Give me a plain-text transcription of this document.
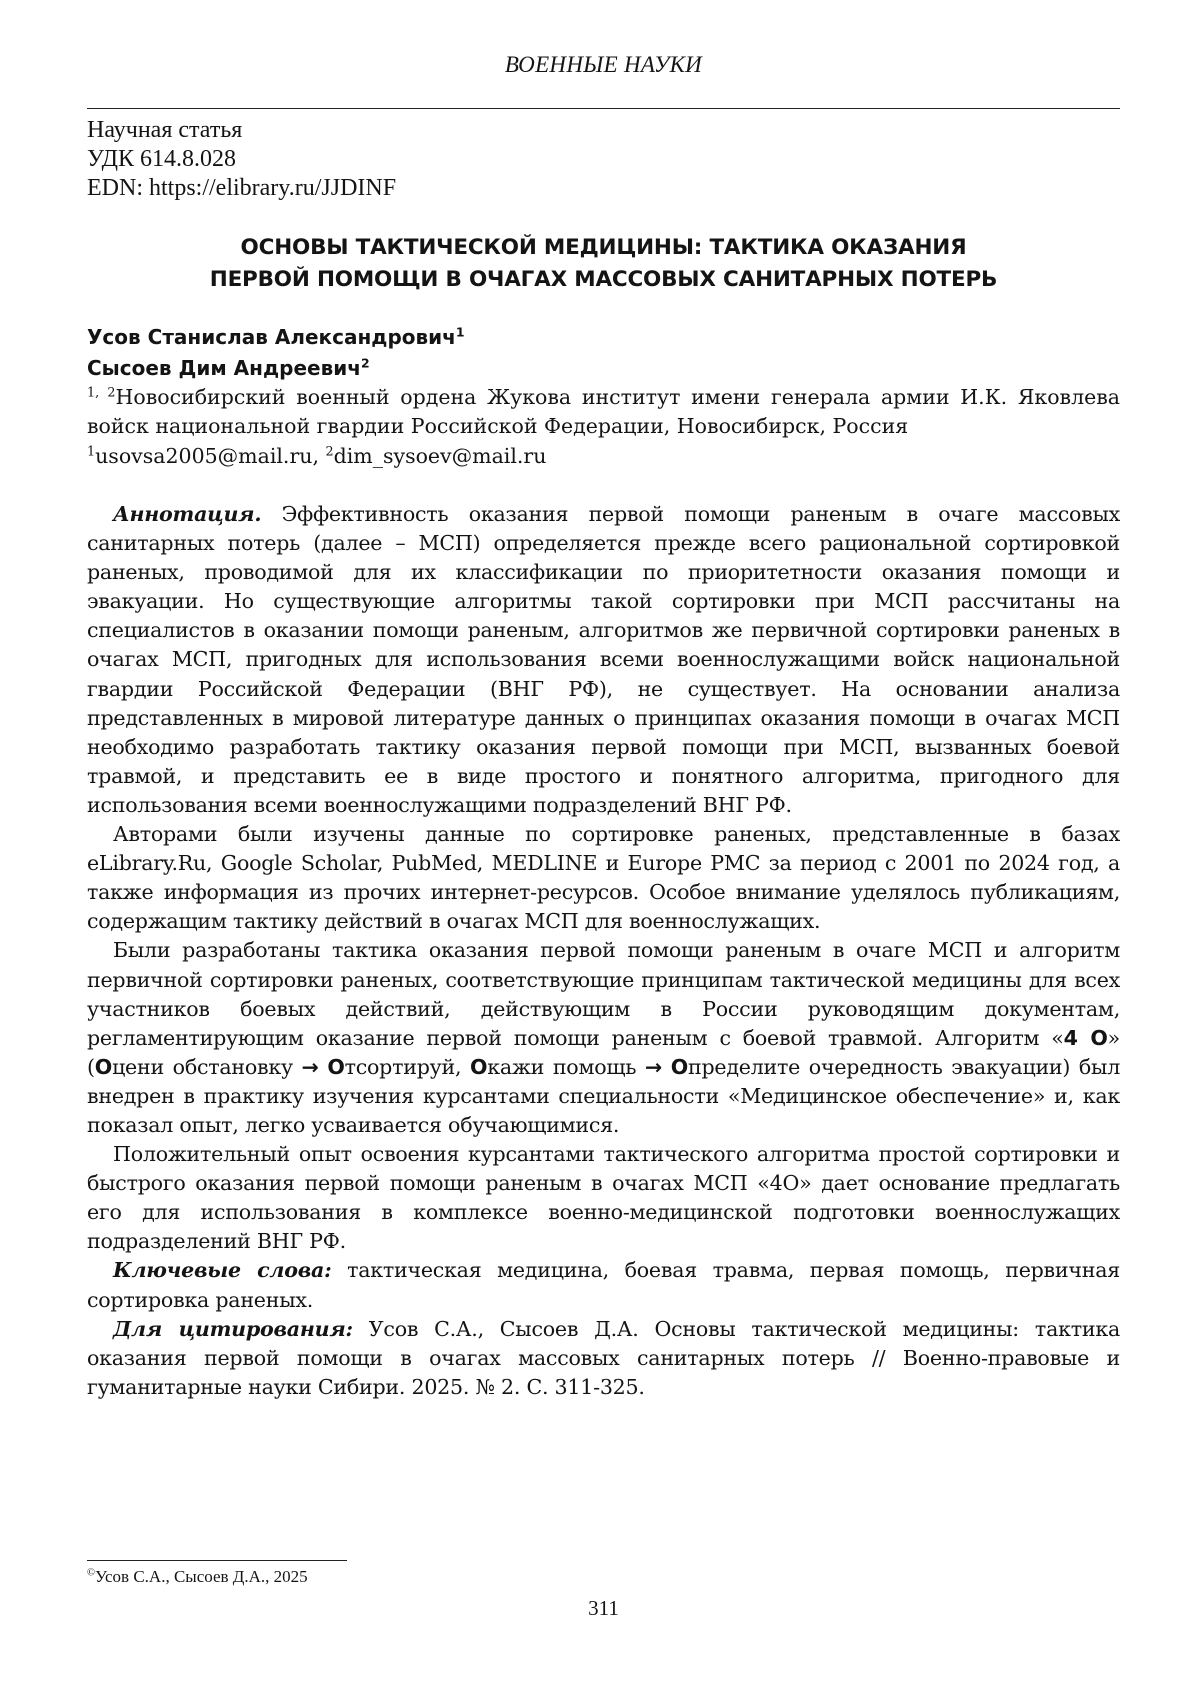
ВОЕННЫЕ НАУКИ
Научная статья
УДК 614.8.028
EDN: https://elibrary.ru/JJDINF
ОСНОВЫ ТАКТИЧЕСКОЙ МЕДИЦИНЫ: ТАКТИКА ОКАЗАНИЯ
ПЕРВОЙ ПОМОЩИ В ОЧАГАХ МАССОВЫХ САНИТАРНЫХ ПОТЕРЬ
Усов Станислав Александрович$^1$
Сысоев Дим Андреевич$^2$
$^{1, 2}$Новосибирский военный ордена Жукова институт имени генерала армии И.К. Яковлева войск национальной гвардии Российской Федерации, Новосибирск, Россия
$^1$usovsa2005@mail.ru, $^2$dim_sysoev@mail.ru

Аннотация. Эффективность оказания первой помощи раненым в очаге массовых санитарных потерь (далее – МСП) определяется прежде всего рациональной сортировкой раненых, проводимой для их классификации по приоритетности оказания помощи и эвакуации. Но существующие алгоритмы такой сортировки при МСП рассчитаны на специалистов в оказании помощи раненым, алгоритмов же первичной сортировки раненых в очагах МСП, пригодных для использования всеми военнослужащими войск национальной гвардии Российской Федерации (ВНГ РФ), не существует. На основании анализа представленных в мировой литературе данных о принципах оказания помощи в очагах МСП необходимо разработать тактику оказания первой помощи при МСП, вызванных боевой травмой, и представить ее в виде простого и понятного алгоритма, пригодного для использования всеми военнослужащими подразделений ВНГ РФ.

Авторами были изучены данные по сортировке раненых, представленные в базах eLibrary.Ru, Google Scholar, PubMed, MEDLINE и Europe PMC за период с 2001 по 2024 год, а также информация из прочих интернет-ресурсов. Особое внимание уделялось публикациям, содержащим тактику действий в очагах МСП для военнослужащих.

Были разработаны тактика оказания первой помощи раненым в очаге МСП и алгоритм первичной сортировки раненых, соответствующие принципам тактической медицины для всех участников боевых действий, действующим в России руководящим документам, регламентирующим оказание первой помощи раненым с боевой травмой. Алгоритм «4 О» (Оцени обстановку → Отсортируй, Окажи помощь → Определите очередность эвакуации) был внедрен в практику изучения курсантами специальности «Медицинское обеспечение» и, как показал опыт, легко усваивается обучающимися.

Положительный опыт освоения курсантами тактического алгоритма простой сортировки и быстрого оказания первой помощи раненым в очагах МСП «4О» дает основание предлагать его для использования в комплексе военно-медицинской подготовки военнослужащих подразделений ВНГ РФ.

Ключевые слова: тактическая медицина, боевая травма, первая помощь, первичная сортировка раненых.

Для цитирования: Усов С.А., Сысоев Д.А. Основы тактической медицины: тактика оказания первой помощи в очагах массовых санитарных потерь // Военно-правовые и гуманитарные науки Сибири. 2025. № 2. С. 311-325.

©Усов С.А., Сысоев Д.А., 2025
311
